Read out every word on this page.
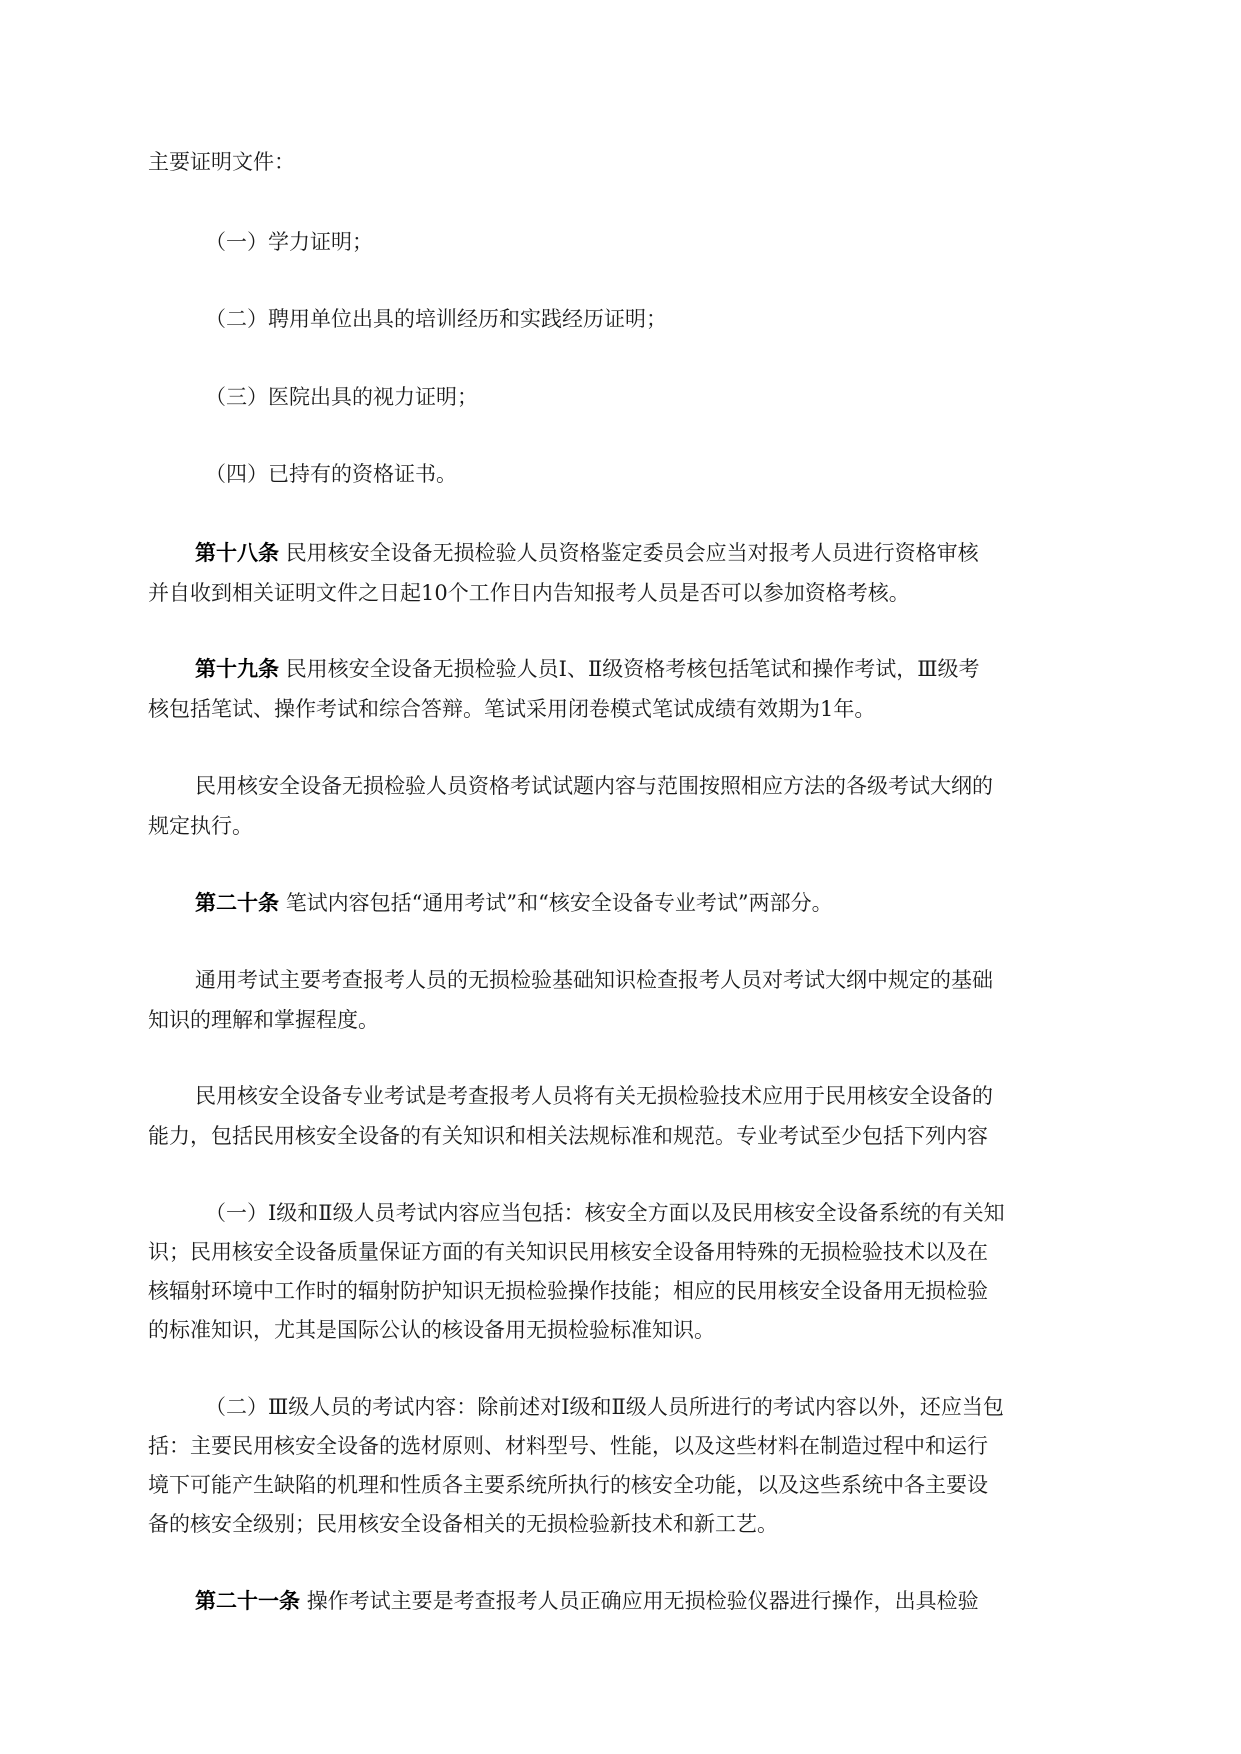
主要证明文件：
（一）学力证明；
（二）聘用单位出具的培训经历和实践经历证明；
（三）医院出具的视力证明；
（四）已持有的资格证书。
第十八条 民用核安全设备无损检验人员资格鉴定委员会应当对报考人员进行资格审核
并自收到相关证明文件之日起10个工作日内告知报考人员是否可以参加资格考核。
第十九条 民用核安全设备无损检验人员Ⅰ、Ⅱ级资格考核包括笔试和操作考试，Ⅲ级考
核包括笔试、操作考试和综合答辩。笔试采用闭卷模式笔试成绩有效期为1年。
民用核安全设备无损检验人员资格考试试题内容与范围按照相应方法的各级考试大纲的
规定执行。
第二十条 笔试内容包括“通用考试”和“核安全设备专业考试”两部分。
通用考试主要考查报考人员的无损检验基础知识检查报考人员对考试大纲中规定的基础
知识的理解和掌握程度。
民用核安全设备专业考试是考查报考人员将有关无损检验技术应用于民用核安全设备的
能力，包括民用核安全设备的有关知识和相关法规标准和规范。专业考试至少包括下列内容
（一）Ⅰ级和Ⅱ级人员考试内容应当包括：核安全方面以及民用核安全设备系统的有关知
识；民用核安全设备质量保证方面的有关知识民用核安全设备用特殊的无损检验技术以及在
核辐射环境中工作时的辐射防护知识无损检验操作技能；相应的民用核安全设备用无损检验
的标准知识，尤其是国际公认的核设备用无损检验标准知识。
（二）Ⅲ级人员的考试内容：除前述对Ⅰ级和Ⅱ级人员所进行的考试内容以外，还应当包
括：主要民用核安全设备的选材原则、材料型号、性能，以及这些材料在制造过程中和运行
境下可能产生缺陷的机理和性质各主要系统所执行的核安全功能，以及这些系统中各主要设
备的核安全级别；民用核安全设备相关的无损检验新技术和新工艺。
第二十一条 操作考试主要是考查报考人员正确应用无损检验仪器进行操作，出具检验
